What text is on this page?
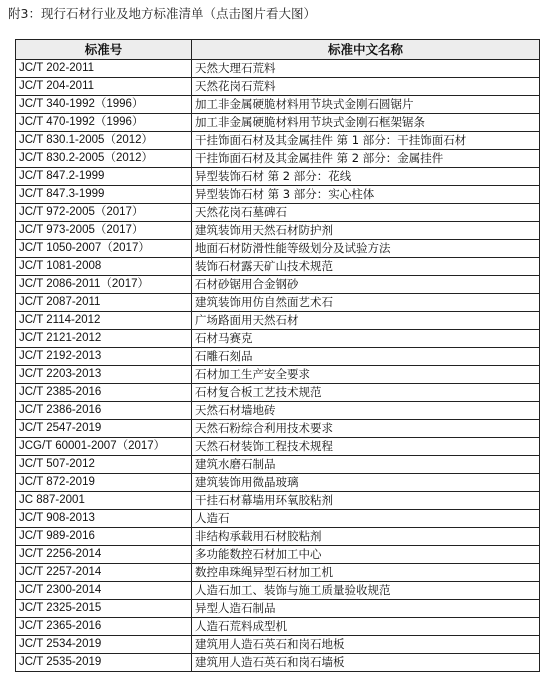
附3：现行石材行业及地方标准清单（点击图片看大图）
标准号	标准中文名称
JC/T 202-2011	天然大理石荒料
JC/T 204-2011	天然花岗石荒料
JC/T 340-1992（1996）	加工非金属硬脆材料用节块式金刚石圆锯片
JC/T 470-1992（1996）	加工非金属硬脆材料用节块式金刚石框架锯条
JC/T 830.1-2005（2012）	干挂饰面石材及其金属挂件 第 1 部分：干挂饰面石材
JC/T 830.2-2005（2012）	干挂饰面石材及其金属挂件 第 2 部分：金属挂件
JC/T 847.2-1999	异型装饰石材 第 2 部分：花线
JC/T 847.3-1999	异型装饰石材 第 3 部分：实心柱体
JC/T 972-2005（2017）	天然花岗石墓碑石
JC/T 973-2005（2017）	建筑装饰用天然石材防护剂
JC/T 1050-2007（2017）	地面石材防滑性能等级划分及试验方法
JC/T 1081-2008	装饰石材露天矿山技术规范
JC/T 2086-2011（2017）	石材砂锯用合金钢砂
JC/T 2087-2011	建筑装饰用仿自然面艺术石
JC/T 2114-2012	广场路面用天然石材
JC/T 2121-2012	石材马赛克
JC/T 2192-2013	石雕石刻品
JC/T 2203-2013	石材加工生产安全要求
JC/T 2385-2016	石材复合板工艺技术规范
JC/T 2386-2016	天然石材墙地砖
JC/T 2547-2019	天然石粉综合利用技术要求
JCG/T 60001-2007（2017）	天然石材装饰工程技术规程
JC/T 507-2012	建筑水磨石制品
JC/T 872-2019	建筑装饰用微晶玻璃
JC 887-2001	干挂石材幕墙用环氧胶粘剂
JC/T 908-2013	人造石
JC/T 989-2016	非结构承载用石材胶粘剂
JC/T 2256-2014	多功能数控石材加工中心
JC/T 2257-2014	数控串珠绳异型石材加工机
JC/T 2300-2014	人造石加工、装饰与施工质量验收规范
JC/T 2325-2015	异型人造石制品
JC/T 2365-2016	人造石荒料成型机
JC/T 2534-2019	建筑用人造石英石和岗石地板
JC/T 2535-2019	建筑用人造石英石和岗石墙板
